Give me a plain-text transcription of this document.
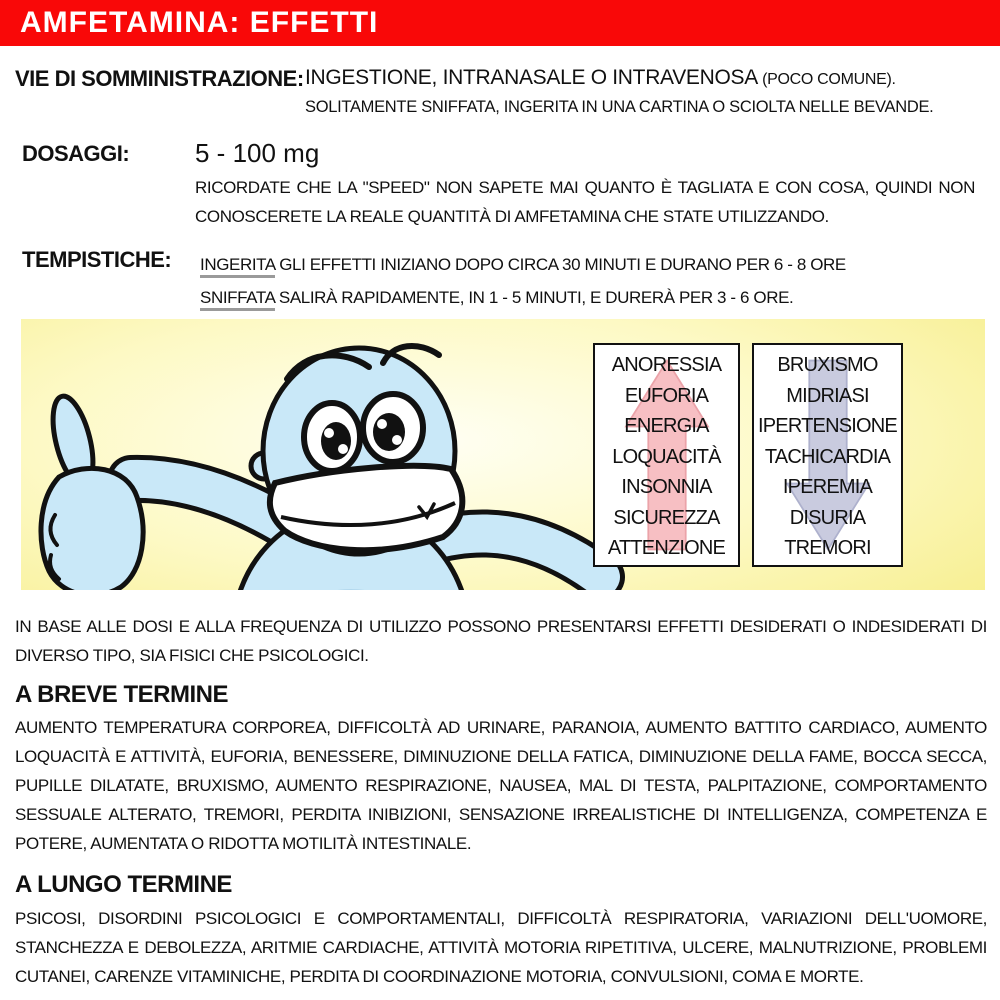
AMFETAMINA: EFFETTI
VIE DI SOMMINISTRAZIONE: INGESTIONE, INTRANASALE O INTRAVENOSA (POCO COMUNE).
SOLITAMENTE SNIFFATA, INGERITA IN UNA CARTINA O SCIOLTA NELLE BEVANDE.
DOSAGGI:	5 - 100 mg
RICORDATE CHE LA "SPEED" NON SAPETE MAI QUANTO È TAGLIATA E CON COSA, QUINDI NON CONOSCERETE LA REALE QUANTITÀ DI AMFETAMINA CHE STATE UTILIZZANDO.
TEMPISTICHE: INGERITA GLI EFFETTI INIZIANO DOPO CIRCA 30 MINUTI E DURANO PER 6 - 8 ORE
SNIFFATA SALIRÀ RAPIDAMENTE, IN 1 - 5 MINUTI, E DURERÀ PER 3 - 6 ORE.
ANORESSIA
EUFORIA
ENERGIA
LOQUACITÀ
INSONNIA
SICUREZZA
ATTENZIONE
BRUXISMO
MIDRIASI
IPERTENSIONE
TACHICARDIA
IPEREMIA
DISURIA
TREMORI
IN BASE ALLE DOSI E ALLA FREQUENZA DI UTILIZZO POSSONO PRESENTARSI EFFETTI DESIDERATI O INDESIDERATI DI DIVERSO TIPO, SIA FISICI CHE PSICOLOGICI.
A BREVE TERMINE
AUMENTO TEMPERATURA CORPOREA, DIFFICOLTÀ AD URINARE, PARANOIA, AUMENTO BATTITO CARDIACO, AUMENTO LOQUACITÀ E ATTIVITÀ, EUFORIA, BENESSERE, DIMINUZIONE DELLA FATICA, DIMINUZIONE DELLA FAME, BOCCA SECCA, PUPILLE DILATATE, BRUXISMO, AUMENTO RESPIRAZIONE, NAUSEA, MAL DI TESTA, PALPITAZIONE, COMPORTAMENTO SESSUALE ALTERATO, TREMORI, PERDITA INIBIZIONI, SENSAZIONE IRREALISTICHE DI INTELLIGENZA, COMPETENZA E POTERE, AUMENTATA O RIDOTTA MOTILITÀ INTESTINALE.
A LUNGO TERMINE
PSICOSI, DISORDINI PSICOLOGICI E COMPORTAMENTALI, DIFFICOLTÀ RESPIRATORIA, VARIAZIONI DELL'UOMORE, STANCHEZZA E DEBOLEZZA, ARITMIE CARDIACHE, ATTIVITÀ MOTORIA RIPETITIVA, ULCERE, MALNUTRIZIONE, PROBLEMI CUTANEI, CARENZE VITAMINICHE, PERDITA DI COORDINAZIONE MOTORIA, CONVULSIONI, COMA E MORTE.
